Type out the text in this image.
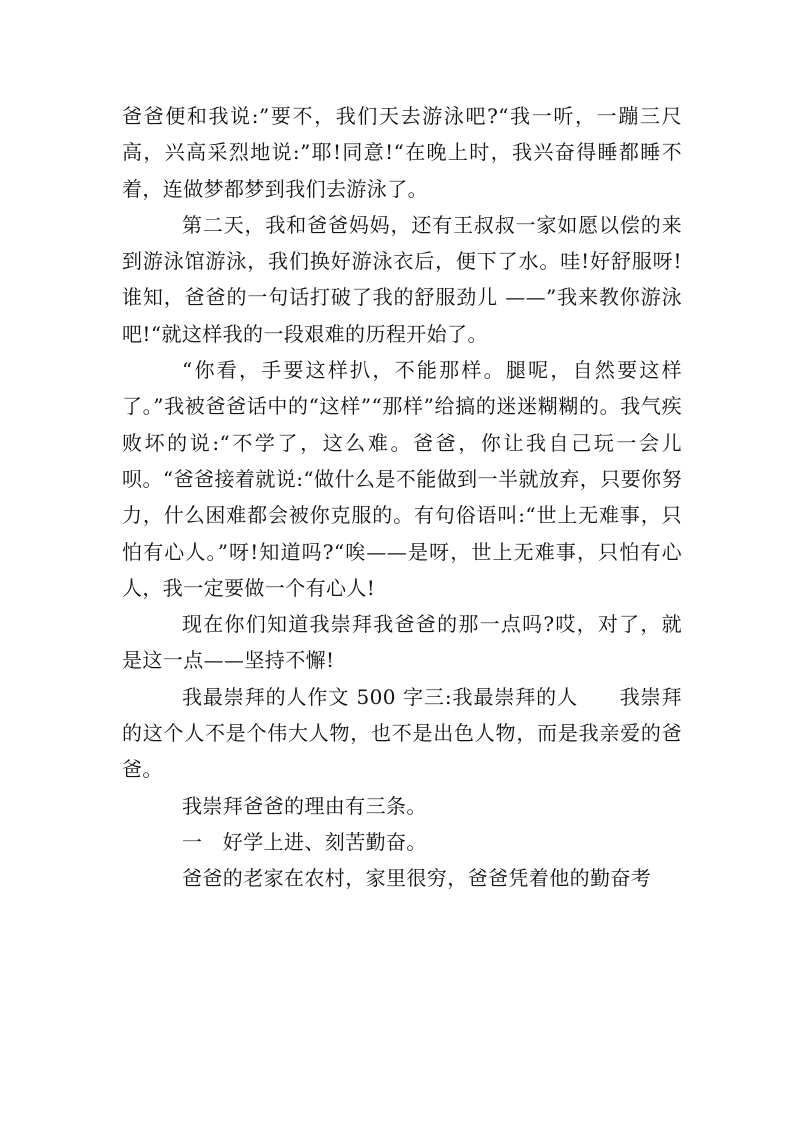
爸爸便和我说:”要不，我们天去游泳吧?“我一听，一蹦三尺高，兴高采烈地说:”耶!同意!“在晚上时，我兴奋得睡都睡不着，连做梦都梦到我们去游泳了。

第二天，我和爸爸妈妈，还有王叔叔一家如愿以偿的来到游泳馆游泳，我们换好游泳衣后，便下了水。哇!好舒服呀!谁知，爸爸的一句话打破了我的舒服劲儿 ——”我来教你游泳吧!“就这样我的一段艰难的历程开始了。

“你看，手要这样扒，不能那样。腿呢，自然要这样了。”我被爸爸话中的“这样”“那样”给搞的迷迷糊糊的。我气疾败坏的说:“不学了，这么难。爸爸，你让我自己玩一会儿呗。“爸爸接着就说:“做什么是不能做到一半就放弃，只要你努力，什么困难都会被你克服的。有句俗语叫:“世上无难事，只怕有心人。”呀!知道吗?“唉——是呀，世上无难事，只怕有心人，我一定要做一个有心人!

现在你们知道我崇拜我爸爸的那一点吗?哎，对了，就是这一点——坚持不懈!

我最崇拜的人作文 500 字三:我最崇拜的人　　我崇拜的这个人不是个伟大人物，也不是出色人物，而是我亲爱的爸爸。

我崇拜爸爸的理由有三条。

一　好学上进、刻苦勤奋。

爸爸的老家在农村，家里很穷，爸爸凭着他的勤奋考
